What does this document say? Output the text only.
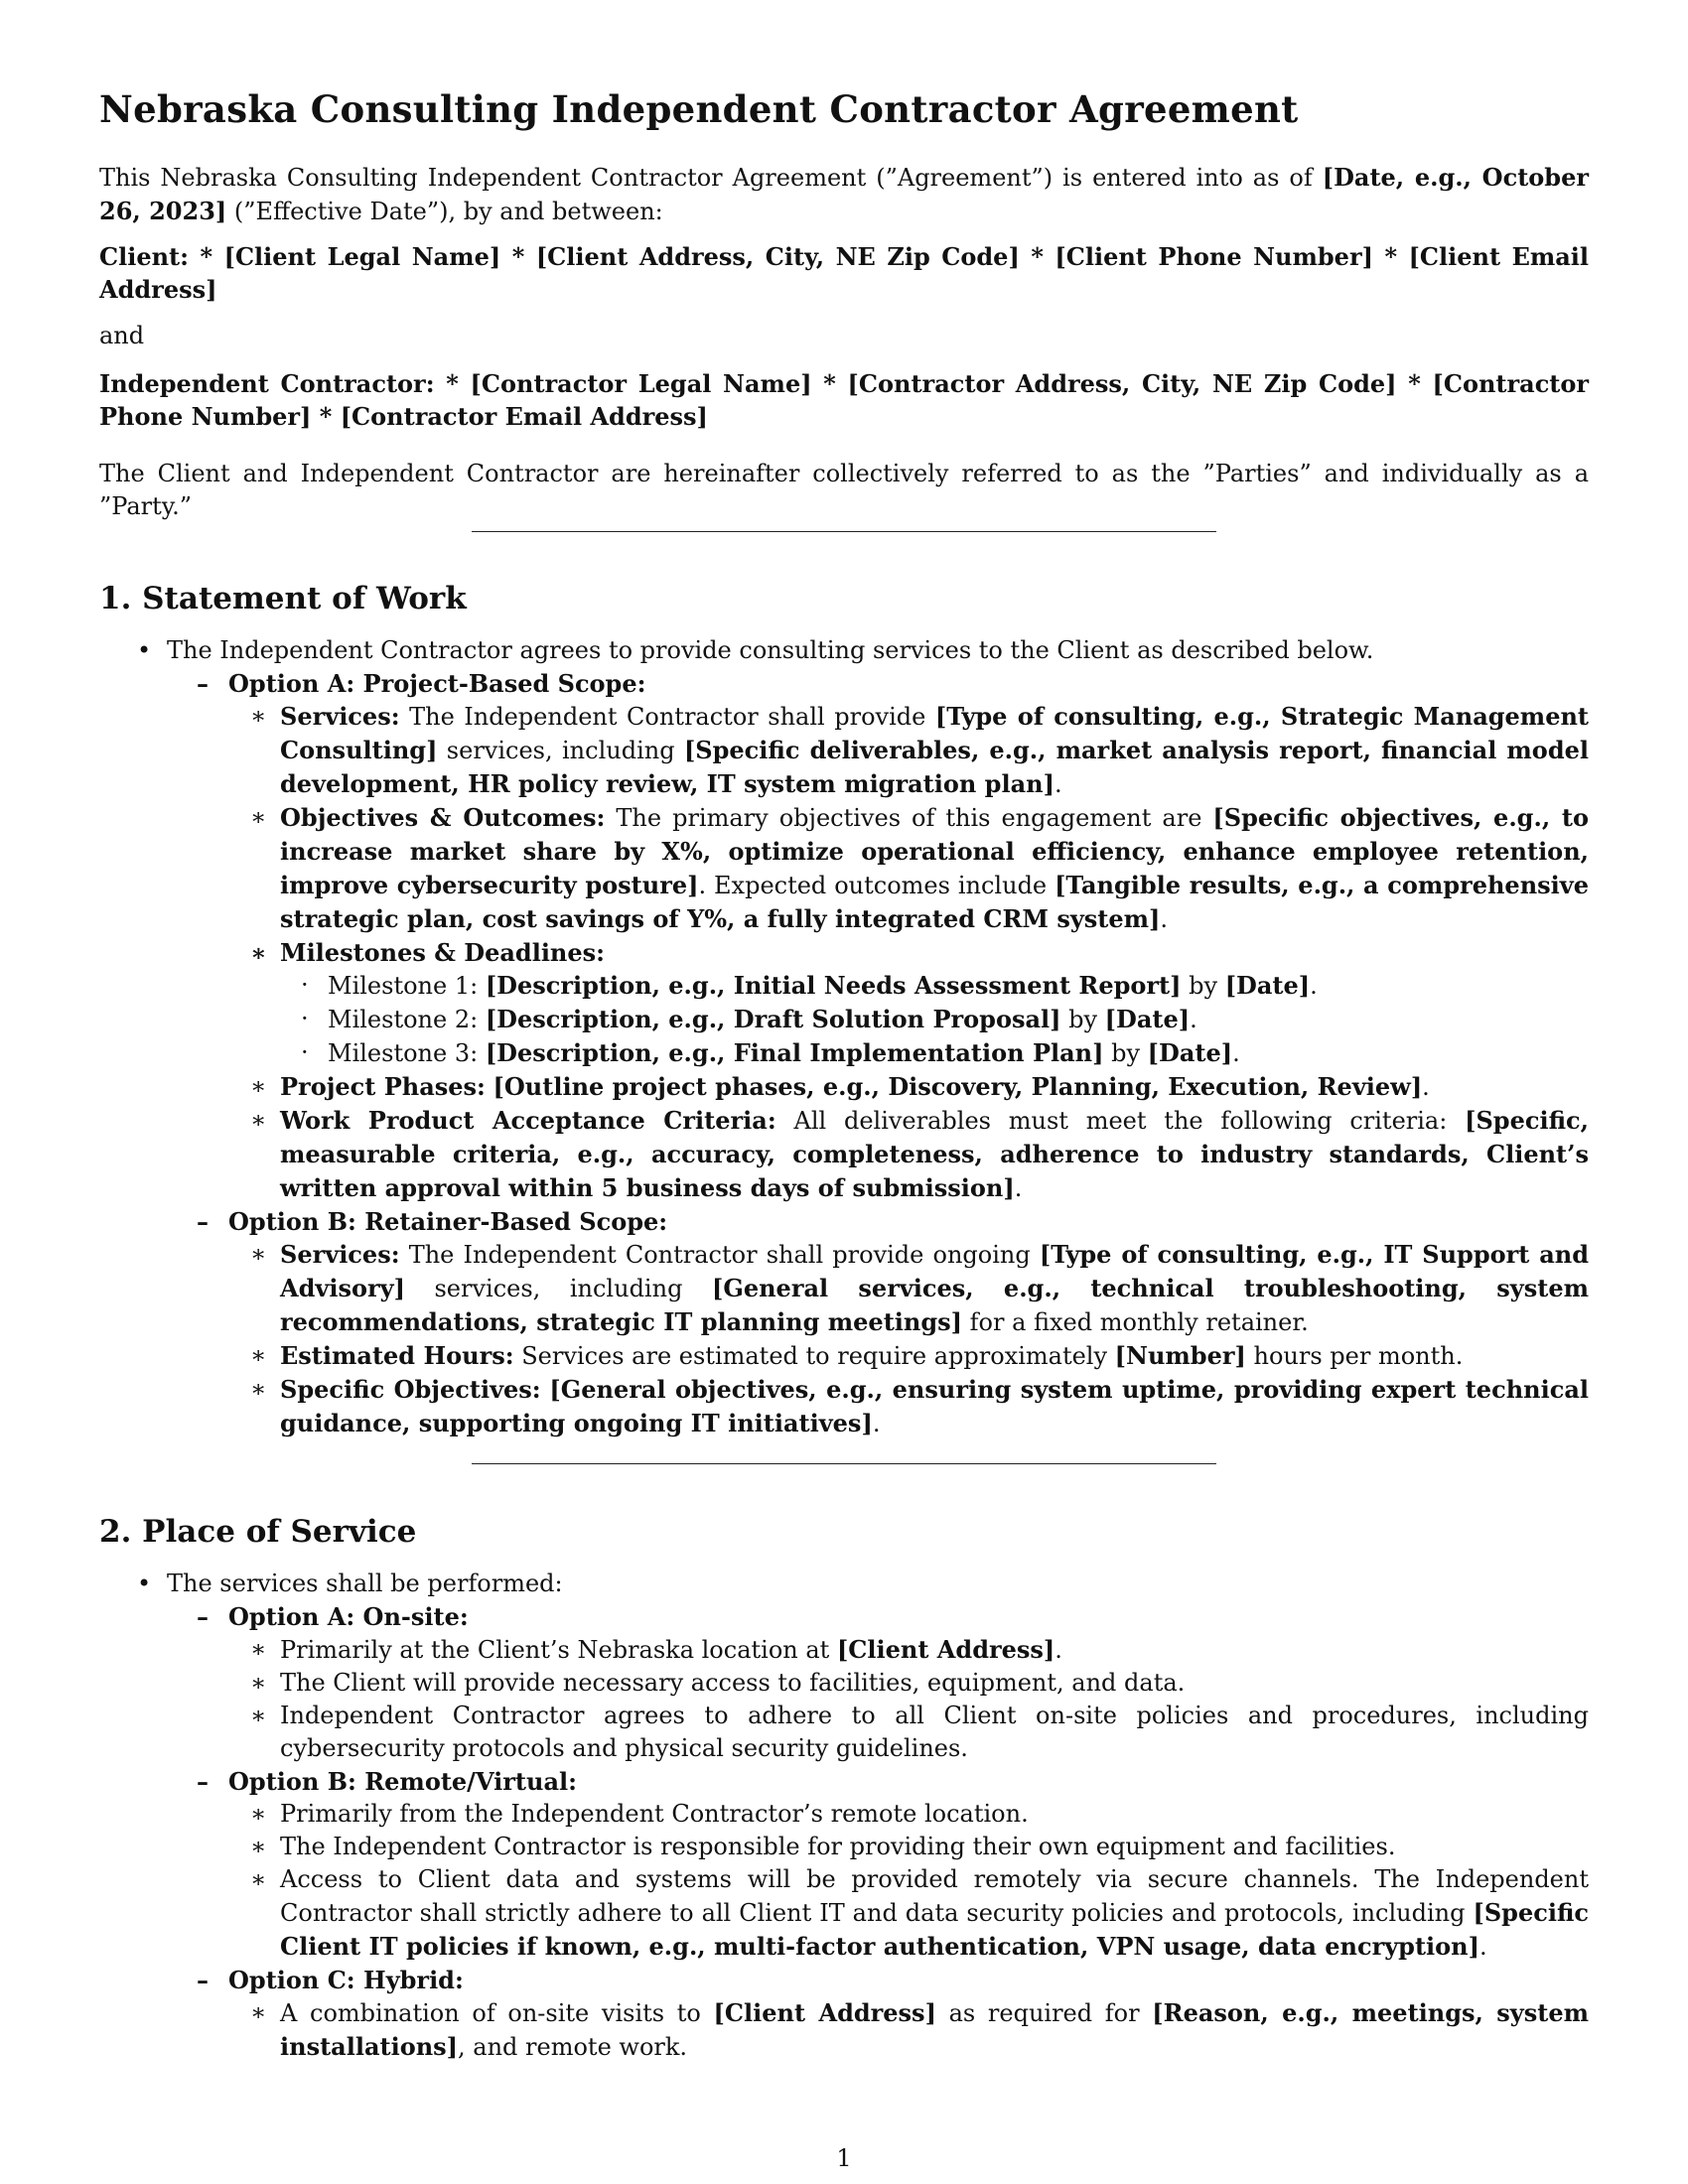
Nebraska Consulting Independent Contractor Agreement

This Nebraska Consulting Independent Contractor Agreement (”Agreement”) is entered into as of [Date, e.g., October 26, 2023] (”Effective Date”), by and between:

Client: * [Client Legal Name] * [Client Address, City, NE Zip Code] * [Client Phone Number] * [Client Email Address]

and

Independent Contractor: * [Contractor Legal Name] * [Contractor Address, City, NE Zip Code] * [Contractor Phone Number] * [Contractor Email Address]

The Client and Independent Contractor are hereinafter collectively referred to as the ”Parties” and individually as a ”Party.”

1. Statement of Work
• The Independent Contractor agrees to provide consulting services to the Client as described below.
– Option A: Project-Based Scope:
∗ Services: The Independent Contractor shall provide [Type of consulting, e.g., Strategic Management Consulting] services, including [Specific deliverables, e.g., market analysis report, financial model development, HR policy review, IT system migration plan].
∗ Objectives & Outcomes: The primary objectives of this engagement are [Specific objectives, e.g., to increase market share by X%, optimize operational efficiency, enhance employee retention, improve cybersecurity posture]. Expected outcomes include [Tangible results, e.g., a comprehensive strategic plan, cost savings of Y%, a fully integrated CRM system].
∗ Milestones & Deadlines:
· Milestone 1: [Description, e.g., Initial Needs Assessment Report] by [Date].
· Milestone 2: [Description, e.g., Draft Solution Proposal] by [Date].
· Milestone 3: [Description, e.g., Final Implementation Plan] by [Date].
∗ Project Phases: [Outline project phases, e.g., Discovery, Planning, Execution, Review].
∗ Work Product Acceptance Criteria: All deliverables must meet the following criteria: [Specific, measurable criteria, e.g., accuracy, completeness, adherence to industry standards, Client’s written approval within 5 business days of submission].
– Option B: Retainer-Based Scope:
∗ Services: The Independent Contractor shall provide ongoing [Type of consulting, e.g., IT Support and Advisory] services, including [General services, e.g., technical troubleshooting, system recommendations, strategic IT planning meetings] for a fixed monthly retainer.
∗ Estimated Hours: Services are estimated to require approximately [Number] hours per month.
∗ Specific Objectives: [General objectives, e.g., ensuring system uptime, providing expert technical guidance, supporting ongoing IT initiatives].
2. Place of Service
• The services shall be performed:
– Option A: On-site:
∗ Primarily at the Client’s Nebraska location at [Client Address].
∗ The Client will provide necessary access to facilities, equipment, and data.
∗ Independent Contractor agrees to adhere to all Client on-site policies and procedures, including cybersecurity protocols and physical security guidelines.
– Option B: Remote/Virtual:
∗ Primarily from the Independent Contractor’s remote location.
∗ The Independent Contractor is responsible for providing their own equipment and facilities.
∗ Access to Client data and systems will be provided remotely via secure channels. The Independent Contractor shall strictly adhere to all Client IT and data security policies and protocols, including [Specific Client IT policies if known, e.g., multi-factor authentication, VPN usage, data encryption].
– Option C: Hybrid:
∗ A combination of on-site visits to [Client Address] as required for [Reason, e.g., meetings, system installations], and remote work.
1
